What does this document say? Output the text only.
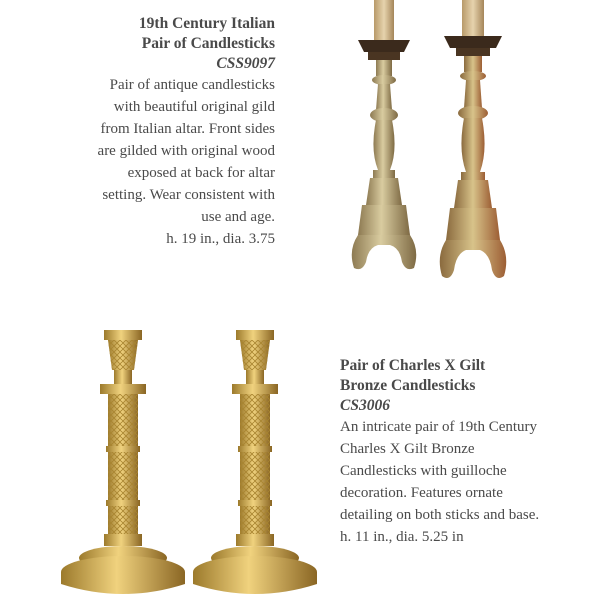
19th Century Italian
Pair of Candlesticks
CSS9097
Pair of antique candlesticks
with beautiful original gild
from Italian altar. Front sides
are gilded with original wood
exposed at back for altar
setting. Wear consistent with
use and age.
h. 19 in., dia. 3.75
Pair of Charles X Gilt
Bronze Candlesticks
CS3006
An intricate pair of 19th Century
Charles X Gilt Bronze
Candlesticks with guilloche
decoration. Features ornate
detailing on both sticks and base.
h. 11 in., dia. 5.25 in
